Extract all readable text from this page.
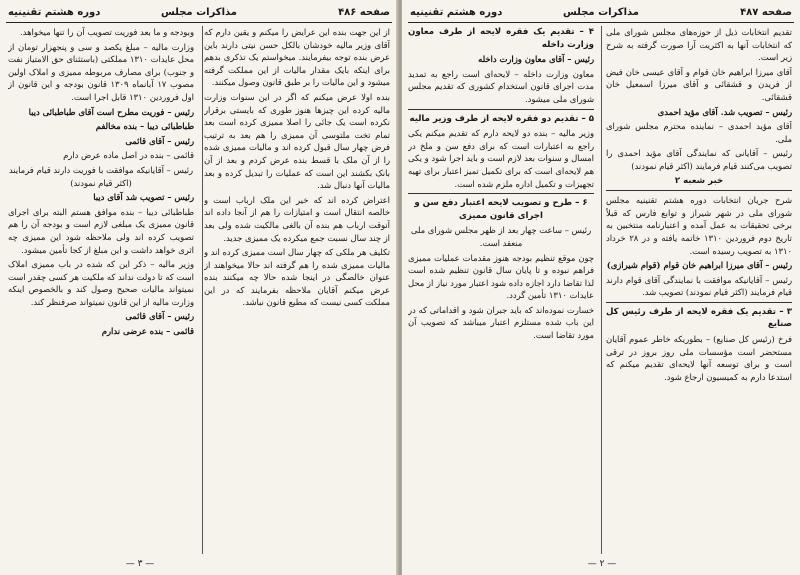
صفحه ۴۸۶
مذاکرات مجلس
دوره هشتم تقنینیه

از این جهت بنده این عرایض را میکنم و یقین دارم که آقای وزیر مالیه خودشان بالکل حسن نیتی دارند باین عرض بنده توجه بیفرمایند. میخواستم یک تذکری بدهم برای اینکه بایک مقدار مالیات از این مملکت گرفته میشود و این مالیات را بر طبق قانون وصول میکنند.

بنده اولا عرض میکنم که اگر در این سنوات وزارت مالیه کرده این چیزها هنوز طوری که بایستی برقرار نکرده است یک جائی را اصلا ممیزی کرده است بعد تمام تخت ملتوسی آن ممیزی را هم بعد به ترتیب فرض چهار سال قبول کرده اند و مالیات ممیزی شده را از آن ملک با قسط بنده عرض کردم و بعد از آن بانک بکشند این است که عملیات را تبدیل کرده و بعد مالیات آنها دنبال شد.

اعتراض کرده اند که خیر این ملک ارباب است و خالصه انتقال است و امتیازات را هم از آنجا داده اند آنوقت ارباب هم بنده آن بالغی مالکیت شده ولی بعد از چند سال نسبت جمع میکرده یک ممیزی جدید.

تکلیف هر ملکی که چهار سال است ممیزی کرده اند و مالیات ممیزی شده را هم گرفته اند حالا میخواهند از عنوان خالصگی در اینجا شده حالا چه میکنند بنده عرض میکنم آقایان ملاحظه بفرمایند که در این مملکت کسی نیست که مطیع قانون نباشد.

وبودجه و ما بعد فوریت تصویب آن را تنها میخواهد.

وزارت مالیه – مبلغ یکصد و سی و پنجهزار تومان از محل عایدات ۱۳۱۰ مملکتی (باستثنای حق الامتیاز نفت و جنوب) برای مصارف مربوطه ممیزی و املاک اولین مصوب ۱۷ آبانماه ۱۳۰۹ قانون بودجه و این قانون از اول فروردین ۱۳۱۰ قابل اجرا است.

رئیس – فوریت مطرح است آقای طباطبائی دیبا

طباطبائی دیبا – بنده مخالفم

رئیس – آقای قائمی

قائمی – بنده در اصل ماده عرض دارم

رئیس – آقایانیکه موافقت با فوریت دارند قیام فرمایند (اکثر قیام نمودند)

رئیس – تصویب شد آقای دیبا

طباطبائی دیبا – بنده موافق هستم البته برای اجرای قانون ممیزی یک مبلغی لازم است و بودجه آن را هم تصویب کرده اند ولی ملاحظه شود این ممیزی چه اثری خواهد داشت و این مبلغ از کجا تأمین میشود.

وزیر مالیه – ذکر این که شده در باب ممیزی املاک است که تا دولت نداند که ملکیت هر کسی چقدر است نمیتواند مالیات صحیح وصول کند و بالخصوص اینکه وزارت مالیه از این قانون نمیتواند صرفنظر کند.

رئیس – آقای قائمی

قائمی – بنده عرضی ندارم

— ۳ —
صفحه ۴۸۷
مذاکرات مجلس
دوره هشتم تقنینیه

تقدیم انتخابات ذیل از حوزه‌های مجلس شورای ملی که انتخابات آنها به اکثریت آرا صورت گرفته به شرح زیر است.

آقای میرزا ابراهیم خان قوام و آقای عیسی خان فیض از فریدن و قشقائی و آقای میرزا اسمعیل خان قشقائی.

رئیس – تصویب شد. آقای مؤید احمدی

آقای مؤید احمدی – نماینده محترم مجلس شورای ملی.

رئیس – آقایانی که نمایندگی آقای مؤید احمدی را تصویب می‌کنند قیام فرمایند (اکثر قیام نمودند)

خبر شعبه ۲

شرح جریان انتخابات دوره هشتم تقنینیه مجلس شورای ملی در شهر شیراز و توابع فارس که قبلاً برخی تحقیقات به عمل آمده و اعتبارنامه منتخبین به تاریخ دوم فروردین ۱۳۱۰ خاتمه یافته و در ۲۸ خرداد ۱۳۱۰ به تصویب رسیده است.

رئیس – آقای میرزا ابراهیم خان قوام (قوام شیرازی)

رئیس – آقایانیکه موافقت با نمایندگی آقای قوام دارند قیام فرمایند (اکثر قیام نمودند) تصویب شد.

۳ – تقدیم یک فقره لایحه از طرف رئیس کل صنایع

فرخ (رئیس کل صنایع) – بطوریکه خاطر عموم آقایان مستحضر است مؤسسات ملی روز بروز در ترقی است و برای توسعه آنها لایحه‌ای تقدیم میکنم که استدعا دارم به کمیسیون ارجاع شود.

۴ – تقدیم یک فقره لایحه از طرف معاون وزارت داخله

رئیس – آقای معاون وزارت داخله

معاون وزارت داخله – لایحه‌ای است راجع به تمدید مدت اجرای قانون استخدام کشوری که تقدیم مجلس شورای ملی میشود.

۵ – تقدیم دو فقره لایحه از طرف وزیر مالیه

وزیر مالیه – بنده دو لایحه دارم که تقدیم میکنم یکی راجع به اعتبارات است که برای دفع سن و ملخ در امسال و سنوات بعد لازم است و باید اجرا شود و یکی هم لایحه‌ای است که برای تکمیل تمیز اعتبار برای تهیه تجهیزات و تکمیل اداره ملزم شده است.

۶ – طرح و تصویب لایحه اعتبار دفع سن و اجرای قانون ممیزی

رئیس – ساعت چهار بعد از ظهر مجلس شورای ملی منعقد است.

چون موقع تنظیم بودجه هنوز مقدمات عملیات ممیزی فراهم نبوده و تا پایان سال قانون تنظیم شده است لذا تقاضا دارد اجازه داده شود اعتبار مورد نیاز از محل عایدات ۱۳۱۰ تأمین گردد.

خسارت نموده‌اند که باید جبران شود و اقداماتی که در این باب شده مستلزم اعتبار میباشد که تصویب آن مورد تقاضا است.

— ۲ —
